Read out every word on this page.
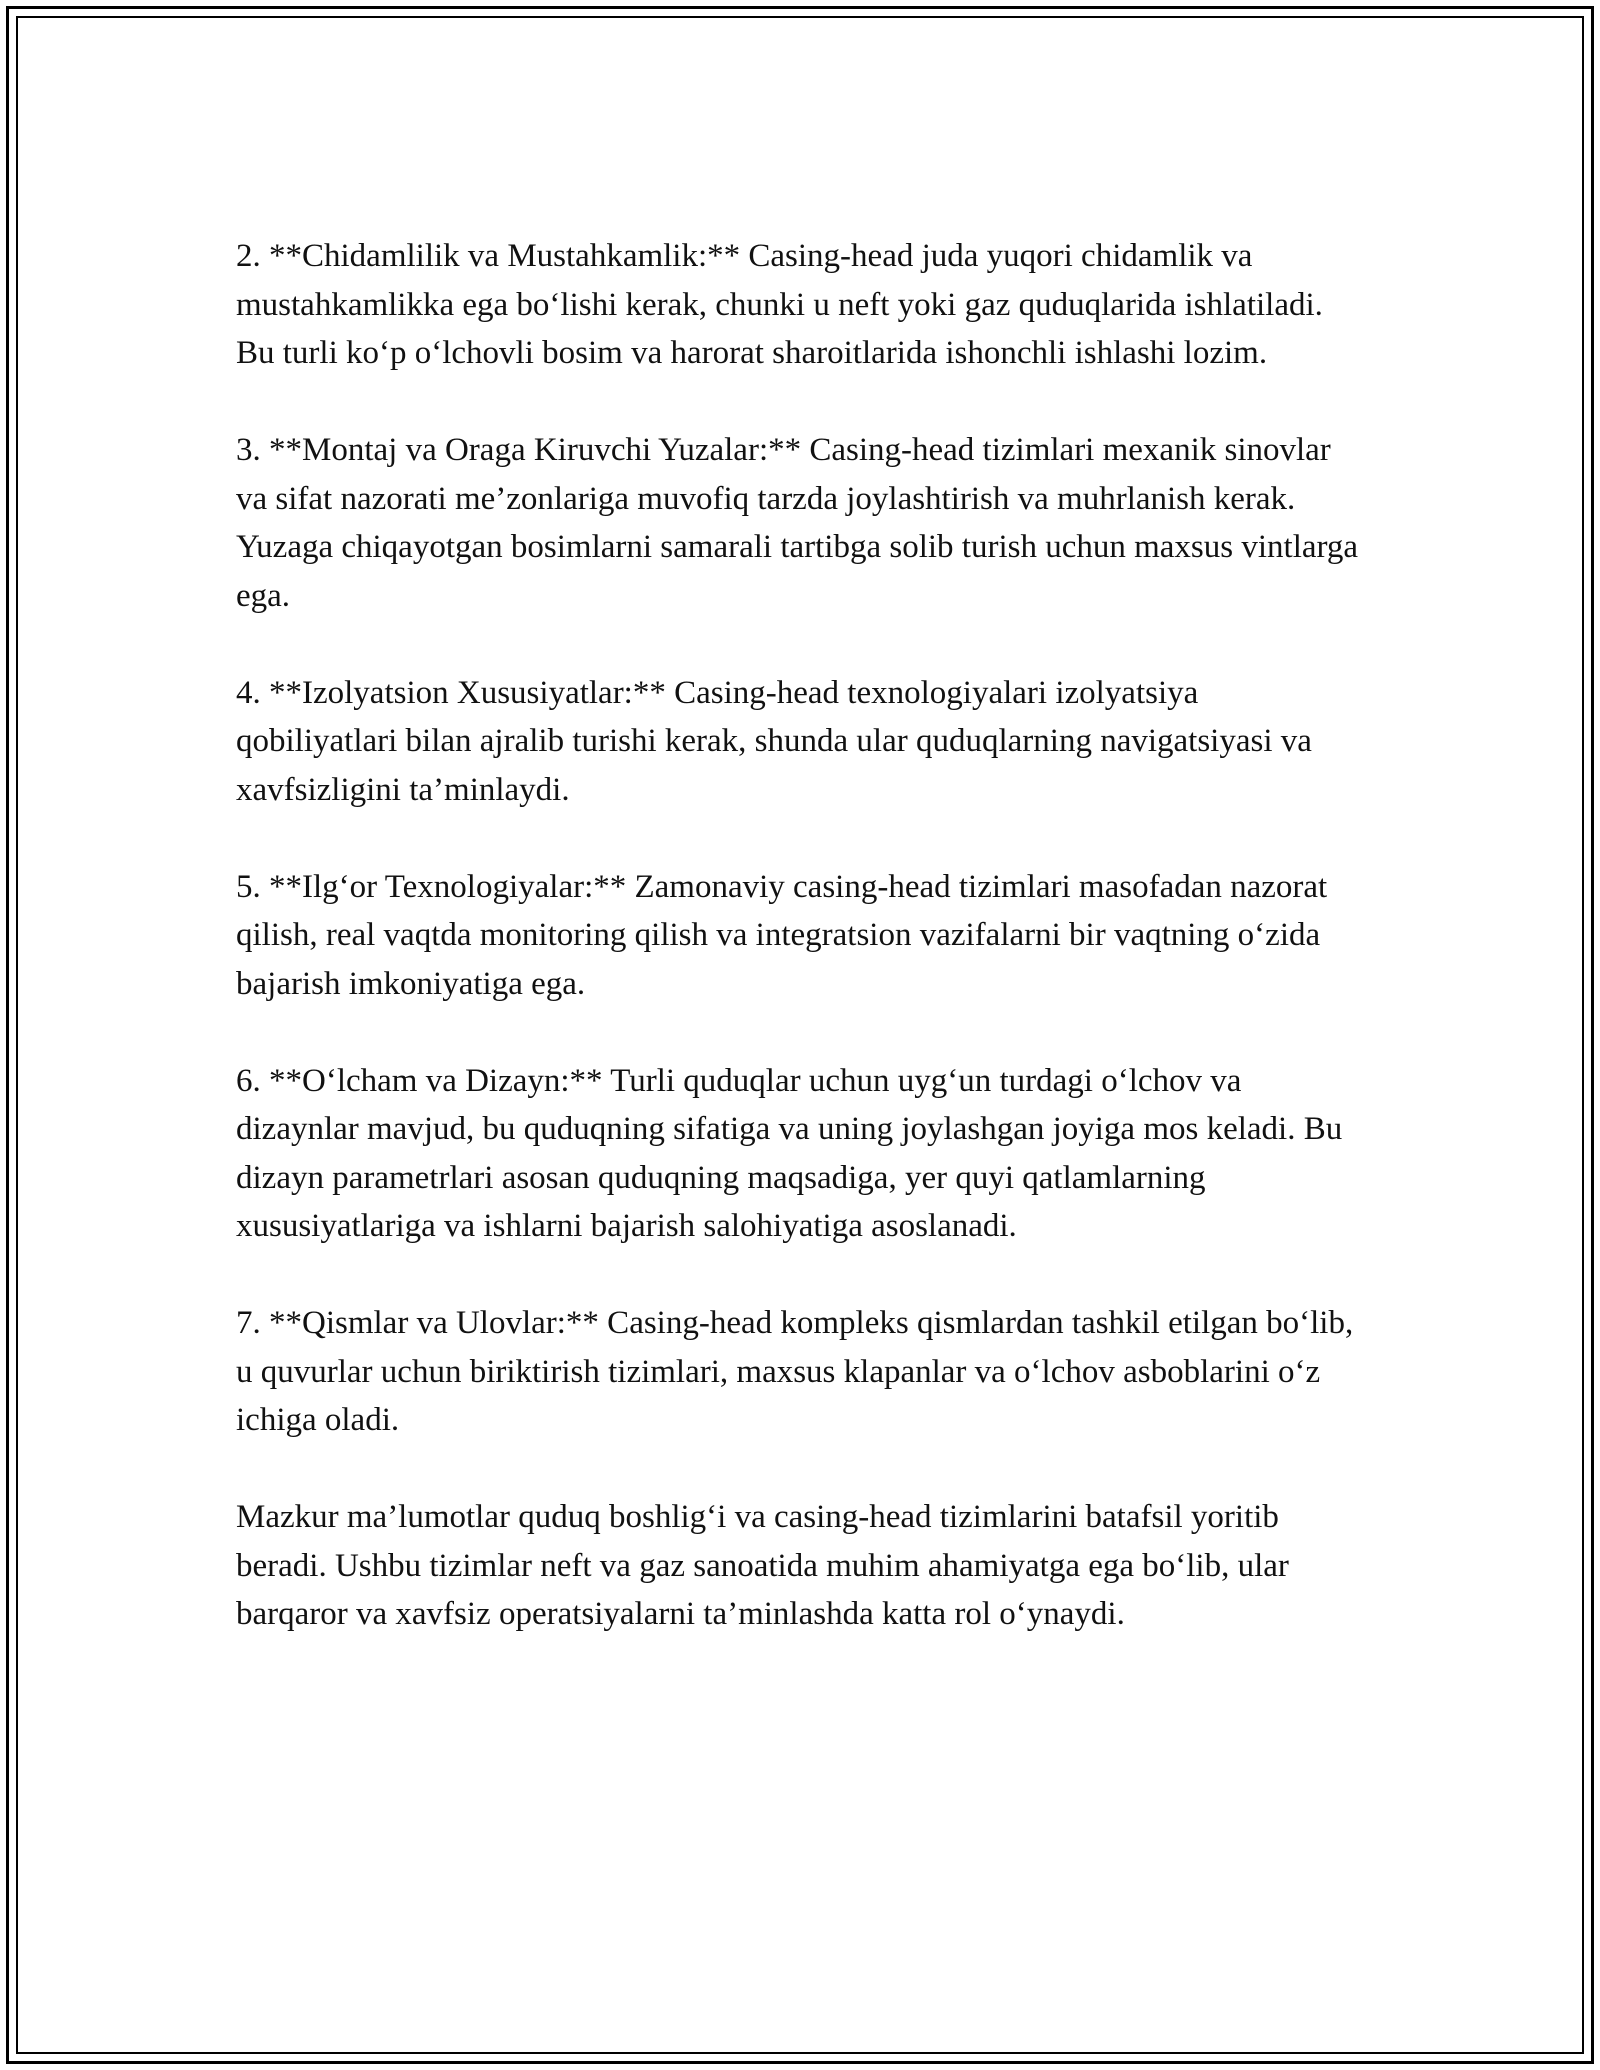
2. **Chidamlilik va Mustahkamlik:** Casing-head juda yuqori chidamlik va mustahkamlikka ega bo‘lishi kerak, chunki u neft yoki gaz quduqlarida ishlatiladi. Bu turli ko‘p o‘lchovli bosim va harorat sharoitlarida ishonchli ishlashi lozim.

3. **Montaj va Oraga Kiruvchi Yuzalar:** Casing-head tizimlari mexanik sinovlar va sifat nazorati me’zonlariga muvofiq tarzda joylashtirish va muhrlanish kerak. Yuzaga chiqayotgan bosimlarni samarali tartibga solib turish uchun maxsus vintlarga ega.

4. **Izolyatsion Xususiyatlar:** Casing-head texnologiyalari izolyatsiya qobiliyatlari bilan ajralib turishi kerak, shunda ular quduqlarning navigatsiyasi va xavfsizligini ta’minlaydi.

5. **Ilg‘or Texnologiyalar:** Zamonaviy casing-head tizimlari masofadan nazorat qilish, real vaqtda monitoring qilish va integratsion vazifalarni bir vaqtning o‘zida bajarish imkoniyatiga ega.

6. **O‘lcham va Dizayn:** Turli quduqlar uchun uyg‘un turdagi o‘lchov va dizaynlar mavjud, bu quduqning sifatiga va uning joylashgan joyiga mos keladi. Bu dizayn parametrlari asosan quduqning maqsadiga, yer quyi qatlamlarning xususiyatlariga va ishlarni bajarish salohiyatiga asoslanadi.

7. **Qismlar va Ulovlar:** Casing-head kompleks qismlardan tashkil etilgan bo‘lib, u quvurlar uchun biriktirish tizimlari, maxsus klapanlar va o‘lchov asboblarini o‘z ichiga oladi.

Mazkur ma’lumotlar quduq boshlig‘i va casing-head tizimlarini batafsil yoritib beradi. Ushbu tizimlar neft va gaz sanoatida muhim ahamiyatga ega bo‘lib, ular barqaror va xavfsiz operatsiyalarni ta’minlashda katta rol o‘ynaydi.
